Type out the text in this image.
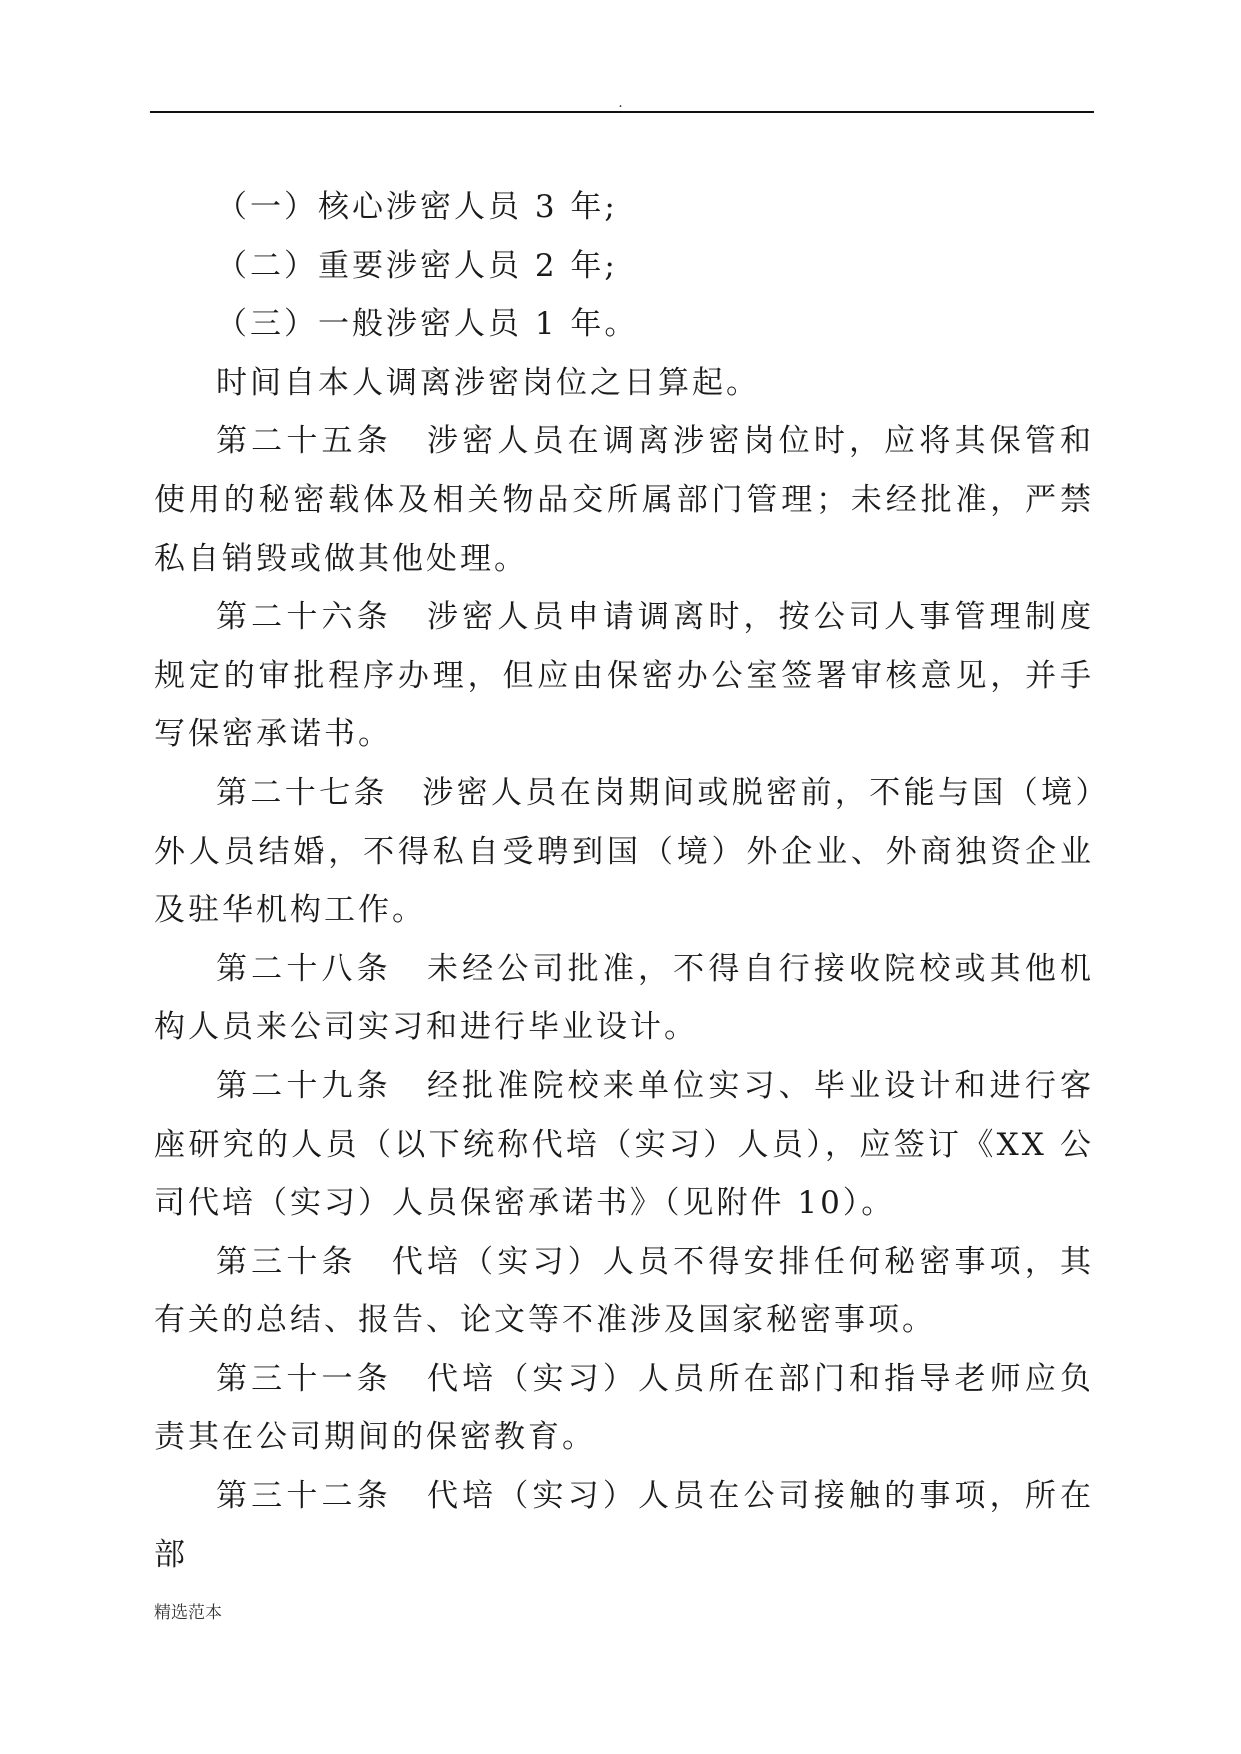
.

（一）核心涉密人员 3 年;

（二）重要涉密人员 2 年;

（三）一般涉密人员 1 年。

时间自本人调离涉密岗位之日算起。

第二十五条　涉密人员在调离涉密岗位时，应将其保管和使用的秘密载体及相关物品交所属部门管理；未经批准，严禁私自销毁或做其他处理。

第二十六条　涉密人员申请调离时，按公司人事管理制度规定的审批程序办理，但应由保密办公室签署审核意见，并手写保密承诺书。

第二十七条　涉密人员在岗期间或脱密前，不能与国（境）外人员结婚，不得私自受聘到国（境）外企业、外商独资企业及驻华机构工作。

第二十八条　未经公司批准，不得自行接收院校或其他机构人员来公司实习和进行毕业设计。

第二十九条　经批准院校来单位实习、毕业设计和进行客座研究的人员（以下统称代培（实习）人员），应签订《XX 公司代培（实习）人员保密承诺书》（见附件 10）。

第三十条　代培（实习）人员不得安排任何秘密事项，其有关的总结、报告、论文等不准涉及国家秘密事项。

第三十一条　代培（实习）人员所在部门和指导老师应负责其在公司期间的保密教育。

第三十二条　代培（实习）人员在公司接触的事项，所在部

精选范本
